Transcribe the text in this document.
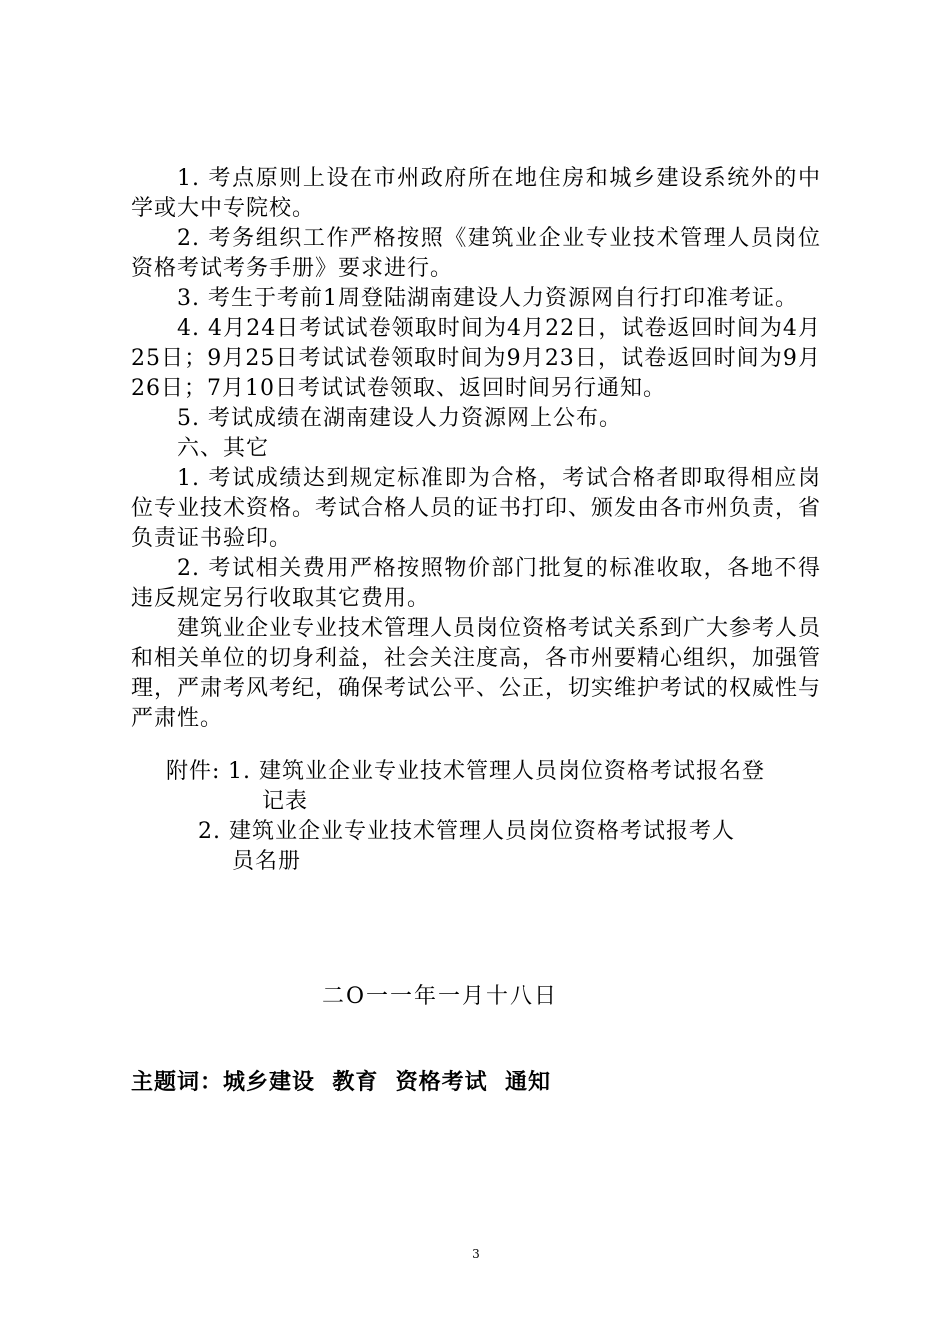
1. 考点原则上设在市州政府所在地住房和城乡建设系统外的中学或大中专院校。

2. 考务组织工作严格按照《建筑业企业专业技术管理人员岗位资格考试考务手册》要求进行。

3. 考生于考前1周登陆湖南建设人力资源网自行打印准考证。

4. 4月24日考试试卷领取时间为4月22日，试卷返回时间为4月25日；9月25日考试试卷领取时间为9月23日，试卷返回时间为9月26日；7月10日考试试卷领取、返回时间另行通知。

5. 考试成绩在湖南建设人力资源网上公布。

六、其它

1. 考试成绩达到规定标准即为合格，考试合格者即取得相应岗位专业技术资格。考试合格人员的证书打印、颁发由各市州负责，省负责证书验印。

2. 考试相关费用严格按照物价部门批复的标准收取，各地不得违反规定另行收取其它费用。

建筑业企业专业技术管理人员岗位资格考试关系到广大参考人员和相关单位的切身利益，社会关注度高，各市州要精心组织，加强管理，严肃考风考纪，确保考试公平、公正，切实维护考试的权威性与严肃性。

附件: 1. 建筑业企业专业技术管理人员岗位资格考试报名登
记表

2. 建筑业企业专业技术管理人员岗位资格考试报考人
员名册

二O一一年一月十八日
主题词：城乡建设  教育  资格考试  通知
3
